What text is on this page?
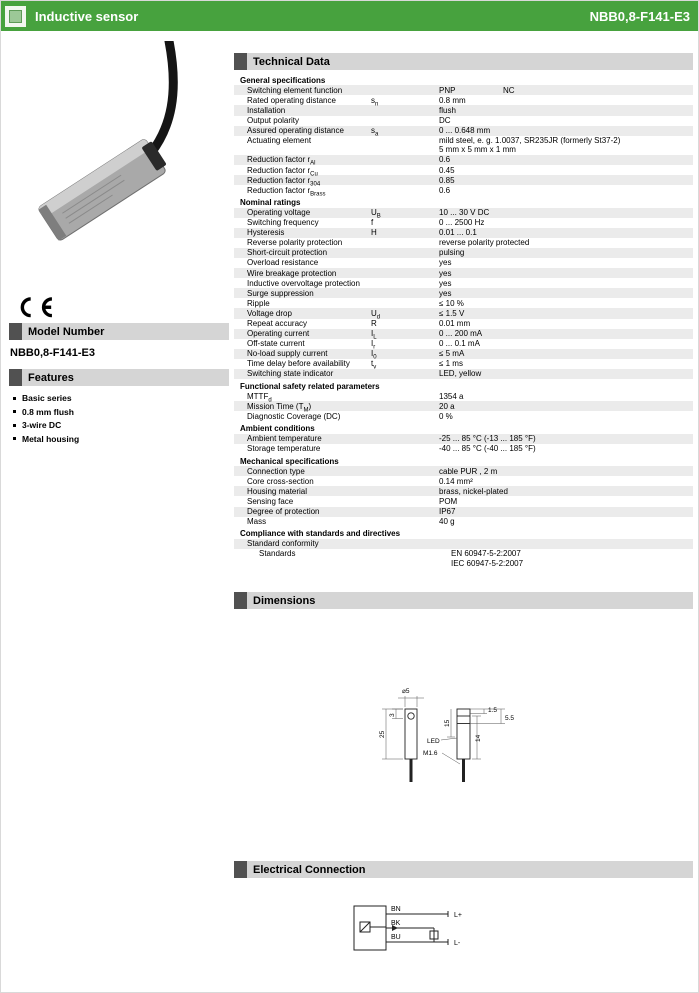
Inductive sensor	NBB0,8-F141-E3
Model Number
NBB0,8-F141-E3
Features
Basic series
0.8 mm flush
3-wire DC
Metal housing
Technical Data
General specifications
Switching element function	PNP	NC
Rated operating distance	$s_n$	0.8 mm
Installation	flush
Output polarity	DC
Assured operating distance	$s_a$	0 ... 0.648 mm
Actuating element	mild steel, e. g. 1.0037, SR235JR (formerly St37-2)
5 mm x 5 mm x 1 mm
Reduction factor $r_{Al}$	0.6
Reduction factor $r_{Cu}$	0.45
Reduction factor $r_{304}$	0.85
Reduction factor $r_{Brass}$	0.6
Nominal ratings
Operating voltage	$U_B$	10 ... 30 V DC
Switching frequency	f	0 ... 2500 Hz
Hysteresis	H	0.01 ... 0.1
Reverse polarity protection	reverse polarity protected
Short-circuit protection	pulsing
Overload resistance	yes
Wire breakage protection	yes
Inductive overvoltage protection	yes
Surge suppression	yes
Ripple	≤ 10 %
Voltage drop	$U_d$	≤ 1.5 V
Repeat accuracy	R	0.01 mm
Operating current	$I_L$	0 ... 200 mA
Off-state current	$I_r$	0 ... 0.1 mA
No-load supply current	$I_0$	≤ 5 mA
Time delay before availability	$t_v$	≤ 1 ms
Switching state indicator	LED, yellow
Functional safety related parameters
$MTTF_d$	1354 a
Mission Time $(T_M)$	20 a
Diagnostic Coverage (DC)	0 %
Ambient conditions
Ambient temperature	-25 ... 85 °C (-13 ... 185 °F)
Storage temperature	-40 ... 85 °C (-40 ... 185 °F)
Mechanical specifications
Connection type	cable PUR , 2 m
Core cross-section	0.14 mm²
Housing material	brass, nickel-plated
Sensing face	POM
Degree of protection	IP67
Mass	40 g
Compliance with standards and directives
Standard conformity
Standards	EN 60947-5-2:2007
IEC 60947-5-2:2007
Dimensions
⌀5
3
25
1.5
5.5
15
14
LED
M1.6
Electrical Connection
BN
BK
BU
L+
L-
